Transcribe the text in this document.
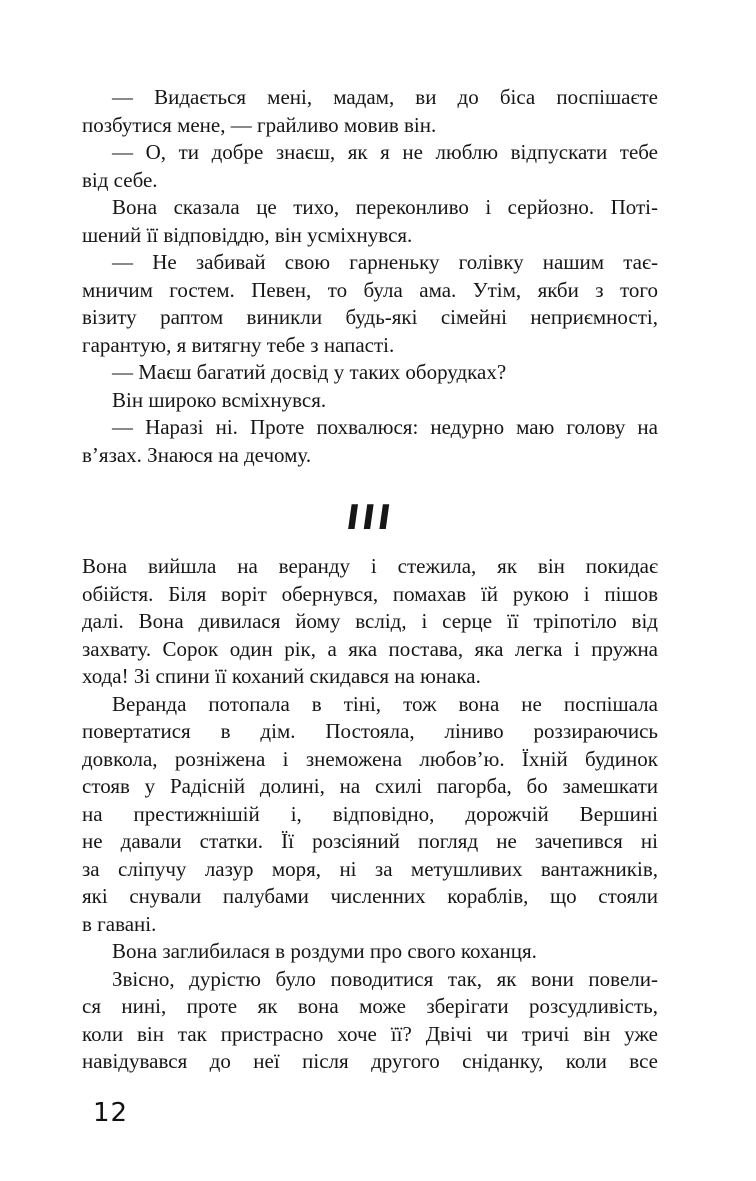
— Видається мені, мадам, ви до біса поспішаєте
позбутися мене, — грайливо мовив він.
— О, ти добре знаєш, як я не люблю відпускати тебе
від себе.
Вона сказала це тихо, переконливо і серйозно. Поті-
шений її відповіддю, він усміхнувся.
— Не забивай свою гарненьку голівку нашим тає-
мничим гостем. Певен, то була ама. Утім, якби з того
візиту раптом виникли будь-які сімейні неприємності,
гарантую, я витягну тебе з напасті.
— Маєш багатий досвід у таких оборудках?
Він широко всміхнувся.
— Наразі ні. Проте похвалюся: недурно маю голову на
в’язах. Знаюся на дечому.
III
Вона вийшла на веранду і стежила, як він покидає
обійстя. Біля воріт обернувся, помахав їй рукою і пішов
далі. Вона дивилася йому вслід, і серце її тріпотіло від
захвату. Сорок один рік, а яка постава, яка легка і пружна
хода! Зі спини її коханий скидався на юнака.
Веранда потопала в тіні, тож вона не поспішала
повертатися в дім. Постояла, ліниво роззираючись
довкола, розніжена і знеможена любов’ю. Їхній будинок
стояв у Радісній долині, на схилі пагорба, бо замешкати
на престижнішій і, відповідно, дорожчій Вершині
не давали статки. Її розсіяний погляд не зачепився ні
за сліпучу лазур моря, ні за метушливих вантажників,
які снували палубами численних кораблів, що стояли
в гавані.
Вона заглибилася в роздуми про свого коханця.
Звісно, дурістю було поводитися так, як вони повели-
ся нині, проте як вона може зберігати розсудливість,
коли він так пристрасно хоче її? Двічі чи тричі він уже
навідувався до неї після другого сніданку, коли все
12
